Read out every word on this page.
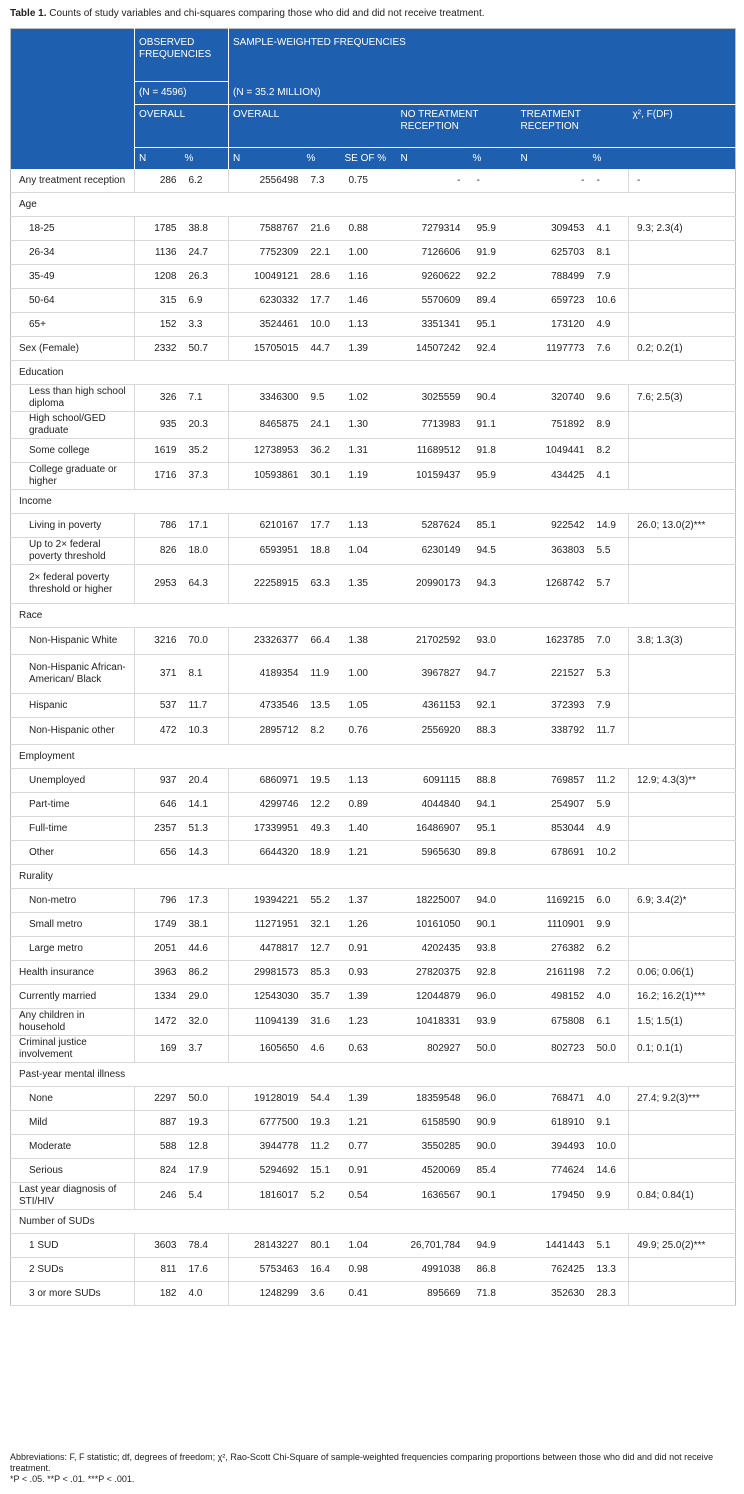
Table 1. Counts of study variables and chi-squares comparing those who did and did not receive treatment.
	OBSERVED FREQUENCIES		SAMPLE-WEIGHTED FREQUENCIES							
	(N = 4596)		(N = 35.2 MILLION)							
	OVERALL		OVERALL			NO TREATMENT RECEPTION		TREATMENT RECEPTION		χ², F(DF)
	N	%	N	%	SE OF %	N	%	N	%	
Any treatment reception	286	6.2	2556498	7.3	0.75	-	-	-	-	-
Age										
18-25	1785	38.8	7588767	21.6	0.88	7279314	95.9	309453	4.1	9.3; 2.3(4)
26-34	1136	24.7	7752309	22.1	1.00	7126606	91.9	625703	8.1	
35-49	1208	26.3	10049121	28.6	1.16	9260622	92.2	788499	7.9	
50-64	315	6.9	6230332	17.7	1.46	5570609	89.4	659723	10.6	
65+	152	3.3	3524461	10.0	1.13	3351341	95.1	173120	4.9	
Sex (Female)	2332	50.7	15705015	44.7	1.39	14507242	92.4	1197773	7.6	0.2; 0.2(1)
Education										
Less than high school diploma	326	7.1	3346300	9.5	1.02	3025559	90.4	320740	9.6	7.6; 2.5(3)
High school/GED graduate	935	20.3	8465875	24.1	1.30	7713983	91.1	751892	8.9	
Some college	1619	35.2	12738953	36.2	1.31	11689512	91.8	1049441	8.2	
College graduate or higher	1716	37.3	10593861	30.1	1.19	10159437	95.9	434425	4.1	
Income										
Living in poverty	786	17.1	6210167	17.7	1.13	5287624	85.1	922542	14.9	26.0; 13.0(2)***
Up to 2× federal poverty threshold	826	18.0	6593951	18.8	1.04	6230149	94.5	363803	5.5	
2× federal poverty threshold or higher	2953	64.3	22258915	63.3	1.35	20990173	94.3	1268742	5.7	
Race										
Non-Hispanic White	3216	70.0	23326377	66.4	1.38	21702592	93.0	1623785	7.0	3.8; 1.3(3)
Non-Hispanic African-American/ Black	371	8.1	4189354	11.9	1.00	3967827	94.7	221527	5.3	
Hispanic	537	11.7	4733546	13.5	1.05	4361153	92.1	372393	7.9	
Non-Hispanic other	472	10.3	2895712	8.2	0.76	2556920	88.3	338792	11.7	
Employment										
Unemployed	937	20.4	6860971	19.5	1.13	6091115	88.8	769857	11.2	12.9; 4.3(3)**
Part-time	646	14.1	4299746	12.2	0.89	4044840	94.1	254907	5.9	
Full-time	2357	51.3	17339951	49.3	1.40	16486907	95.1	853044	4.9	
Other	656	14.3	6644320	18.9	1.21	5965630	89.8	678691	10.2	
Rurality										
Non-metro	796	17.3	19394221	55.2	1.37	18225007	94.0	1169215	6.0	6.9; 3.4(2)*
Small metro	1749	38.1	11271951	32.1	1.26	10161050	90.1	1110901	9.9	
Large metro	2051	44.6	4478817	12.7	0.91	4202435	93.8	276382	6.2	
Health insurance	3963	86.2	29981573	85.3	0.93	27820375	92.8	2161198	7.2	0.06; 0.06(1)
Currently married	1334	29.0	12543030	35.7	1.39	12044879	96.0	498152	4.0	16.2; 16.2(1)***
Any children in household	1472	32.0	11094139	31.6	1.23	10418331	93.9	675808	6.1	1.5; 1.5(1)
Criminal justice involvement	169	3.7	1605650	4.6	0.63	802927	50.0	802723	50.0	0.1; 0.1(1)
Past-year mental illness										
None	2297	50.0	19128019	54.4	1.39	18359548	96.0	768471	4.0	27.4; 9.2(3)***
Mild	887	19.3	6777500	19.3	1.21	6158590	90.9	618910	9.1	
Moderate	588	12.8	3944778	11.2	0.77	3550285	90.0	394493	10.0	
Serious	824	17.9	5294692	15.1	0.91	4520069	85.4	774624	14.6	
Last year diagnosis of STI/HIV	246	5.4	1816017	5.2	0.54	1636567	90.1	179450	9.9	0.84; 0.84(1)
Number of SUDs										
1 SUD	3603	78.4	28143227	80.1	1.04	26,701,784	94.9	1441443	5.1	49.9; 25.0(2)***
2 SUDs	811	17.6	5753463	16.4	0.98	4991038	86.8	762425	13.3	
3 or more SUDs	182	4.0	1248299	3.6	0.41	895669	71.8	352630	28.3	
Abbreviations: F, F statistic; df, degrees of freedom; χ², Rao-Scott Chi-Square of sample-weighted frequencies comparing proportions between those who did and did not receive treatment.
*P < .05. **P < .01. ***P < .001.
